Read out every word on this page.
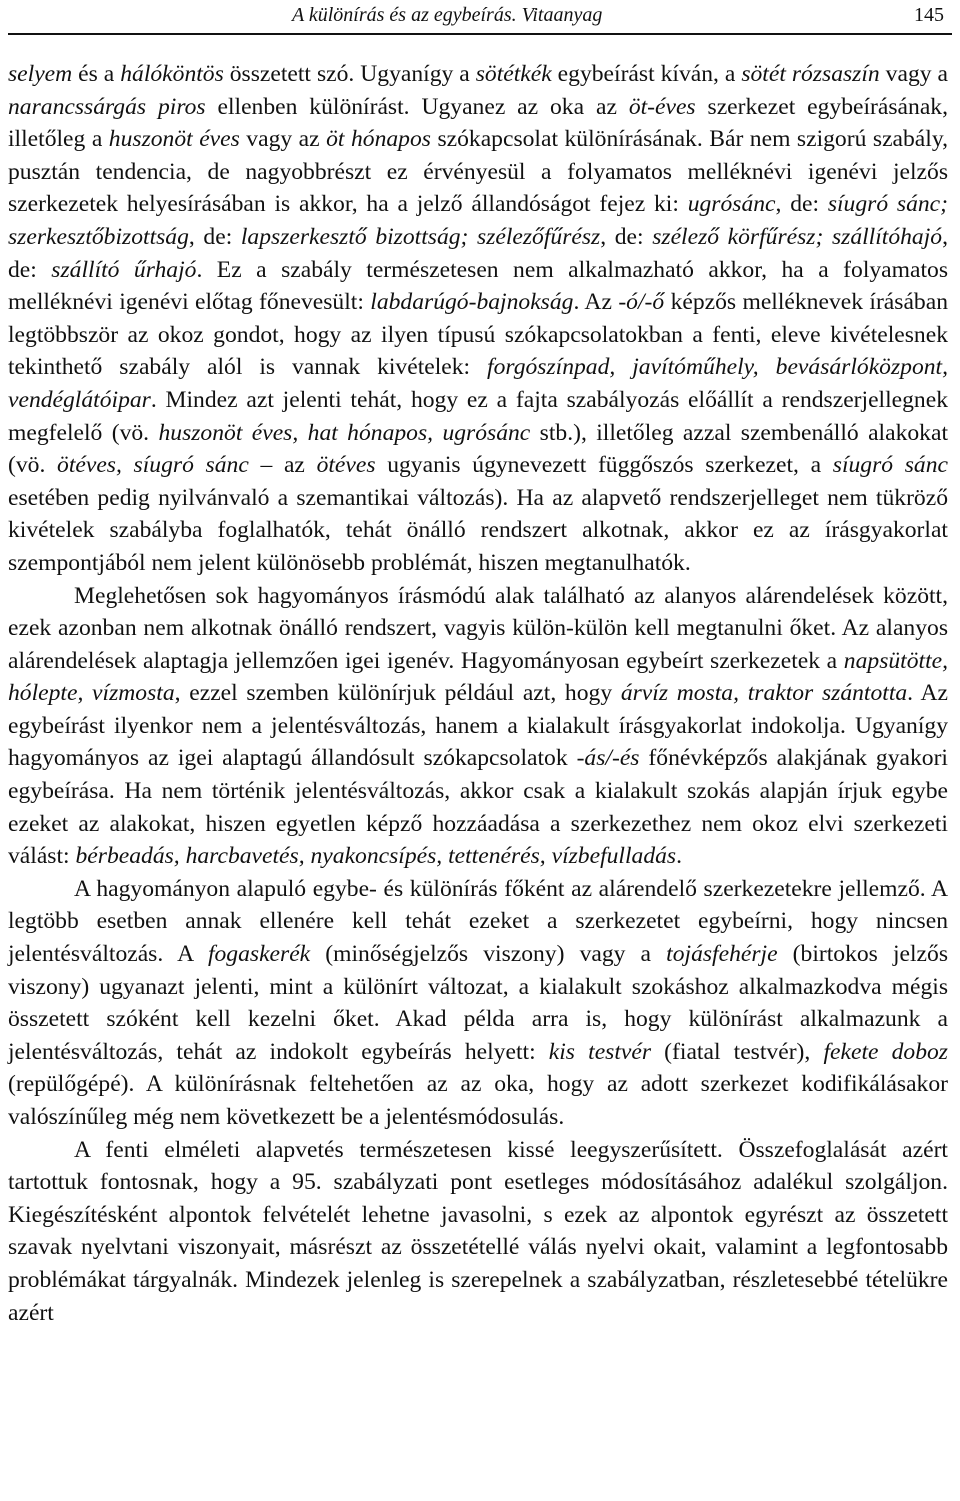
A különírás és az egybeírás. Vitaanyag	145

selyem és a hálóköntös összetett szó. Ugyanígy a sötétkék egybeírást kíván, a sötét rózsaszín vagy a narancssárgás piros ellenben különírást. Ugyanez az oka az öt-éves szerkezet egybeírásának, illetőleg a huszonöt éves vagy az öt hónapos szókapcsolat különírásának. Bár nem szigorú szabály, pusztán tendencia, de nagyobbrészt ez érvényesül a folyamatos melléknévi igenévi jelzős szerkezetek helyesírásában is akkor, ha a jelző állandóságot fejez ki: ugrósánc, de: síugró sánc; szerkesztőbizottság, de: lapszerkesztő bizottság; szélezőfűrész, de: szélező körfűrész; szállítóhajó, de: szállító űrhajó. Ez a szabály természetesen nem alkalmazható akkor, ha a folyamatos melléknévi igenévi előtag főnevesült: labdarúgó-bajnokság. Az -ó/-ő képzős melléknevek írásában legtöbbször az okoz gondot, hogy az ilyen típusú szókapcsolatokban a fenti, eleve kivételesnek tekinthető szabály alól is vannak kivételek: forgószínpad, javítóműhely, bevásárlóközpont, vendéglátóipar. Mindez azt jelenti tehát, hogy ez a fajta szabályozás előállít a rendszerjellegnek megfelelő (vö. huszonöt éves, hat hónapos, ugrósánc stb.), illetőleg azzal szembenálló alakokat (vö. ötéves, síugró sánc – az ötéves ugyanis úgynevezett függőszós szerkezet, a síugró sánc esetében pedig nyilvánvaló a szemantikai változás). Ha az alapvető rendszerjelleget nem tükröző kivételek szabályba foglalhatók, tehát önálló rendszert alkotnak, akkor ez az írásgyakorlat szempontjából nem jelent különösebb problémát, hiszen megtanulhatók.

Meglehetősen sok hagyományos írásmódú alak található az alanyos alárendelések között, ezek azonban nem alkotnak önálló rendszert, vagyis külön-külön kell megtanulni őket. Az alanyos alárendelések alaptagja jellemzően igei igenév. Hagyományosan egybeírt szerkezetek a napsütötte, hólepte, vízmosta, ezzel szemben különírjuk például azt, hogy árvíz mosta, traktor szántotta. Az egybeírást ilyenkor nem a jelentésváltozás, hanem a kialakult írásgyakorlat indokolja. Ugyanígy hagyományos az igei alaptagú állandósult szókapcsolatok -ás/-és főnévképzős alakjának gyakori egybeírása. Ha nem történik jelentésváltozás, akkor csak a kialakult szokás alapján írjuk egybe ezeket az alakokat, hiszen egyetlen képző hozzáadása a szerkezethez nem okoz elvi szerkezeti válást: bérbeadás, harcbavetés, nyakoncsípés, tettenérés, vízbefulladás.

A hagyományon alapuló egybe- és különírás főként az alárendelő szerkezetekre jellemző. A legtöbb esetben annak ellenére kell tehát ezeket a szerkezetet egybeírni, hogy nincsen jelentésváltozás. A fogaskerék (minőségjelzős viszony) vagy a tojásfehérje (birtokos jelzős viszony) ugyanazt jelenti, mint a különírt változat, a kialakult szokáshoz alkalmazkodva mégis összetett szóként kell kezelni őket. Akad példa arra is, hogy különírást alkalmazunk a jelentésváltozás, tehát az indokolt egybeírás helyett: kis testvér (fiatal testvér), fekete doboz (repülőgépé). A különírásnak feltehetően az az oka, hogy az adott szerkezet kodifikálásakor valószínűleg még nem következett be a jelentésmódosulás.

A fenti elméleti alapvetés természetesen kissé leegyszerűsített. Összefoglalását azért tartottuk fontosnak, hogy a 95. szabályzati pont esetleges módosításához adalékul szolgáljon. Kiegészítésként alpontok felvételét lehetne javasolni, s ezek az alpontok egyrészt az összetett szavak nyelvtani viszonyait, másrészt az összetétellé válás nyelvi okait, valamint a legfontosabb problémákat tárgyalnák. Mindezek jelenleg is szerepelnek a szabályzatban, részletesebbé tételükre azért
